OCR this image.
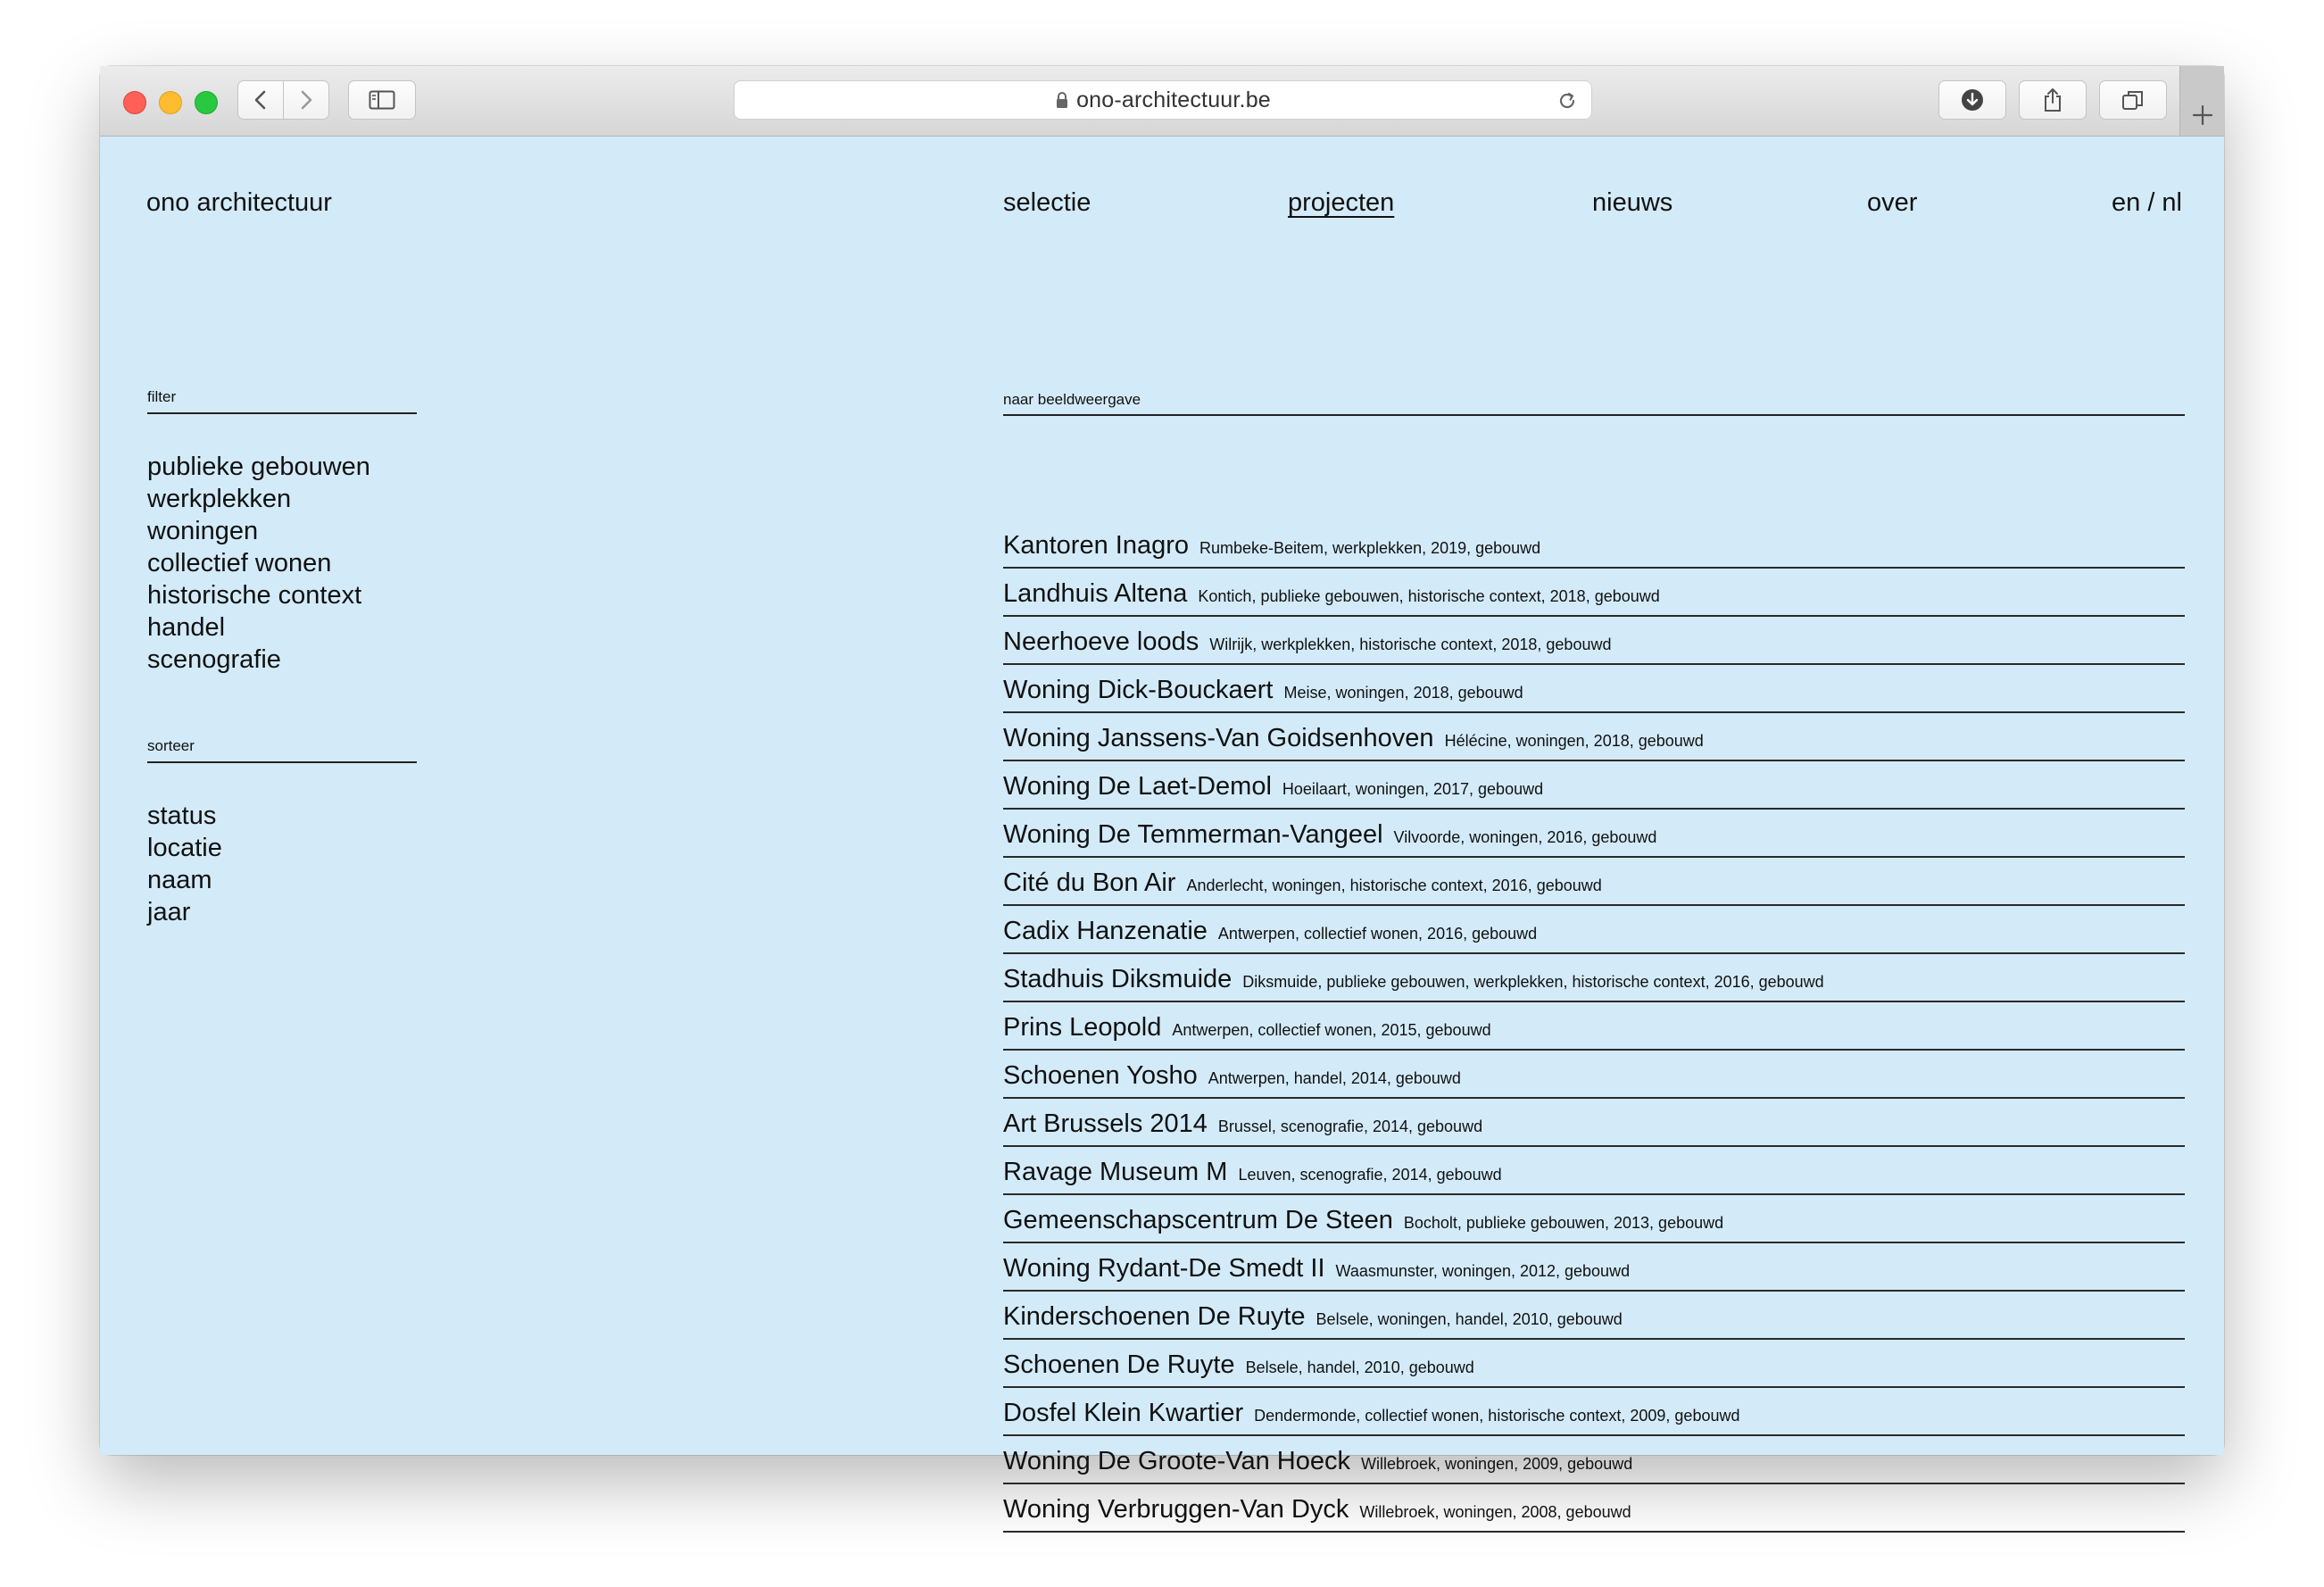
ono-architectuur.be
ono architectuur	selectie	projecten	nieuws	over	en / nl
filter
publieke gebouwen
werkplekken
woningen
collectief wonen
historische context
handel
scenografie
sorteer
status
locatie
naam
jaar
naar beeldweergave
Kantoren Inagro Rumbeke-Beitem, werkplekken, 2019, gebouwd
Landhuis Altena Kontich, publieke gebouwen, historische context, 2018, gebouwd
Neerhoeve loods Wilrijk, werkplekken, historische context, 2018, gebouwd
Woning Dick-Bouckaert Meise, woningen, 2018, gebouwd
Woning Janssens-Van Goidsenhoven Hélécine, woningen, 2018, gebouwd
Woning De Laet-Demol Hoeilaart, woningen, 2017, gebouwd
Woning De Temmerman-Vangeel Vilvoorde, woningen, 2016, gebouwd
Cité du Bon Air Anderlecht, woningen, historische context, 2016, gebouwd
Cadix Hanzenatie Antwerpen, collectief wonen, 2016, gebouwd
Stadhuis Diksmuide Diksmuide, publieke gebouwen, werkplekken, historische context, 2016, gebouwd
Prins Leopold Antwerpen, collectief wonen, 2015, gebouwd
Schoenen Yosho Antwerpen, handel, 2014, gebouwd
Art Brussels 2014 Brussel, scenografie, 2014, gebouwd
Ravage Museum M Leuven, scenografie, 2014, gebouwd
Gemeenschapscentrum De Steen Bocholt, publieke gebouwen, 2013, gebouwd
Woning Rydant-De Smedt II Waasmunster, woningen, 2012, gebouwd
Kinderschoenen De Ruyte Belsele, woningen, handel, 2010, gebouwd
Schoenen De Ruyte Belsele, handel, 2010, gebouwd
Dosfel Klein Kwartier Dendermonde, collectief wonen, historische context, 2009, gebouwd
Woning De Groote-Van Hoeck Willebroek, woningen, 2009, gebouwd
Woning Verbruggen-Van Dyck Willebroek, woningen, 2008, gebouwd
